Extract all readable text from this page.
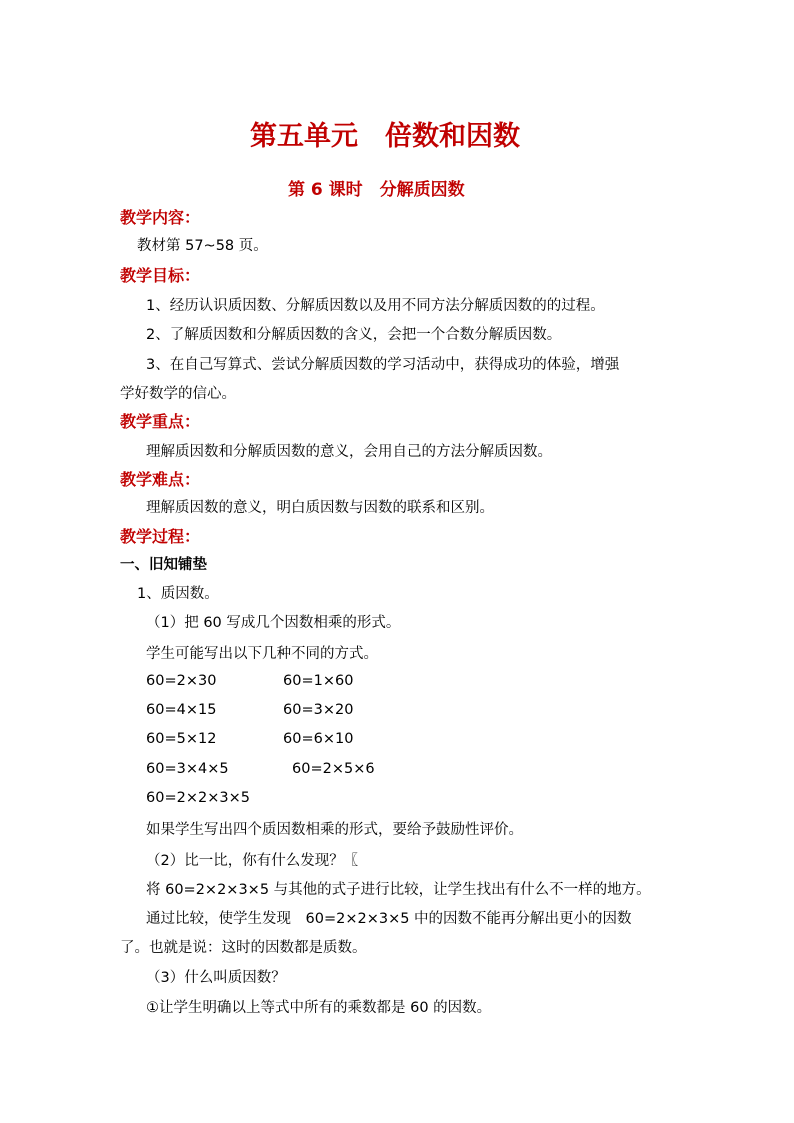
第五单元　倍数和因数
第 6 课时　分解质因数
教学内容：
教材第 57~58 页。
教学目标：
1、经历认识质因数、分解质因数以及用不同方法分解质因数的的过程。
2、了解质因数和分解质因数的含义，会把一个合数分解质因数。
3、在自己写算式、尝试分解质因数的学习活动中，获得成功的体验，增强
学好数学的信心。
教学重点：
理解质因数和分解质因数的意义，会用自己的方法分解质因数。
教学难点：
理解质因数的意义，明白质因数与因数的联系和区别。
教学过程：
一、旧知铺垫
1、质因数。
（1）把 60 写成几个因数相乘的形式。
学生可能写出以下几种不同的方式。
60=2×30	60=1×60
60=4×15	60=3×20
60=5×12	60=6×10
60=3×4×5	60=2×5×6
60=2×2×3×5
如果学生写出四个质因数相乘的形式，要给予鼓励性评价。
（2）比一比，你有什么发现？〖
将 60=2×2×3×5 与其他的式子进行比较，让学生找出有什么不一样的地方。
通过比较，使学生发现　60=2×2×3×5 中的因数不能再分解出更小的因数
了。也就是说：这时的因数都是质数。
（3）什么叫质因数？
①让学生明确以上等式中所有的乘数都是 60 的因数。
